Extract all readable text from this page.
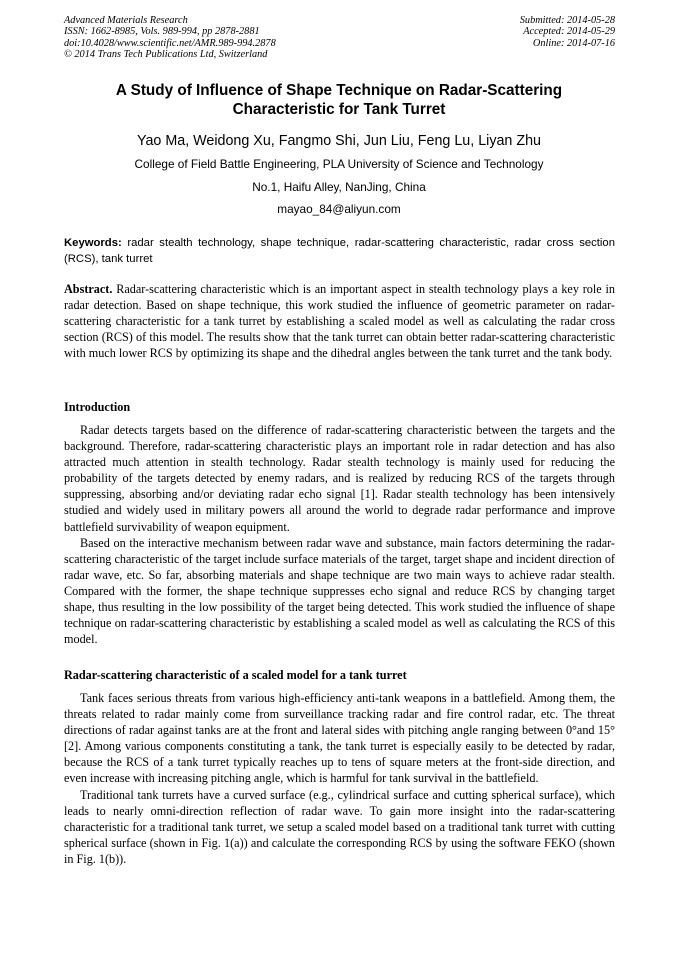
Advanced Materials Research
ISSN: 1662-8985, Vols. 989-994, pp 2878-2881
doi:10.4028/www.scientific.net/AMR.989-994.2878
© 2014 Trans Tech Publications Ltd, Switzerland
Submitted: 2014-05-28
Accepted: 2014-05-29
Online: 2014-07-16
A Study of Influence of Shape Technique on Radar-Scattering
Characteristic for Tank Turret
Yao Ma, Weidong Xu, Fangmo Shi, Jun Liu, Feng Lu, Liyan Zhu
College of Field Battle Engineering, PLA University of Science and Technology
No.1, Haifu Alley, NanJing, China
mayao_84@aliyun.com
Keywords: radar stealth technology, shape technique, radar-scattering characteristic, radar cross section (RCS), tank turret
Abstract. Radar-scattering characteristic which is an important aspect in stealth technology plays a key role in radar detection. Based on shape technique, this work studied the influence of geometric parameter on radar-scattering characteristic for a tank turret by establishing a scaled model as well as calculating the radar cross section (RCS) of this model. The results show that the tank turret can obtain better radar-scattering characteristic with much lower RCS by optimizing its shape and the dihedral angles between the tank turret and the tank body.
Introduction

Radar detects targets based on the difference of radar-scattering characteristic between the targets and the background. Therefore, radar-scattering characteristic plays an important role in radar detection and has also attracted much attention in stealth technology. Radar stealth technology is mainly used for reducing the probability of the targets detected by enemy radars, and is realized by reducing RCS of the targets through suppressing, absorbing and/or deviating radar echo signal [1]. Radar stealth technology has been intensively studied and widely used in military powers all around the world to degrade radar performance and improve battlefield survivability of weapon equipment.

Based on the interactive mechanism between radar wave and substance, main factors determining the radar-scattering characteristic of the target include surface materials of the target, target shape and incident direction of radar wave, etc. So far, absorbing materials and shape technique are two main ways to achieve radar stealth. Compared with the former, the shape technique suppresses echo signal and reduce RCS by changing target shape, thus resulting in the low possibility of the target being detected. This work studied the influence of shape technique on radar-scattering characteristic by establishing a scaled model as well as calculating the RCS of this model.

Radar-scattering characteristic of a scaled model for a tank turret

Tank faces serious threats from various high-efficiency anti-tank weapons in a battlefield. Among them, the threats related to radar mainly come from surveillance tracking radar and fire control radar, etc. The threat directions of radar against tanks are at the front and lateral sides with pitching angle ranging between 0°and 15° [2]. Among various components constituting a tank, the tank turret is especially easily to be detected by radar, because the RCS of a tank turret typically reaches up to tens of square meters at the front-side direction, and even increase with increasing pitching angle, which is harmful for tank survival in the battlefield.

Traditional tank turrets have a curved surface (e.g., cylindrical surface and cutting spherical surface), which leads to nearly omni-direction reflection of radar wave. To gain more insight into the radar-scattering characteristic for a traditional tank turret, we setup a scaled model based on a traditional tank turret with cutting spherical surface (shown in Fig. 1(a)) and calculate the corresponding RCS by using the software FEKO (shown in Fig. 1(b)).
